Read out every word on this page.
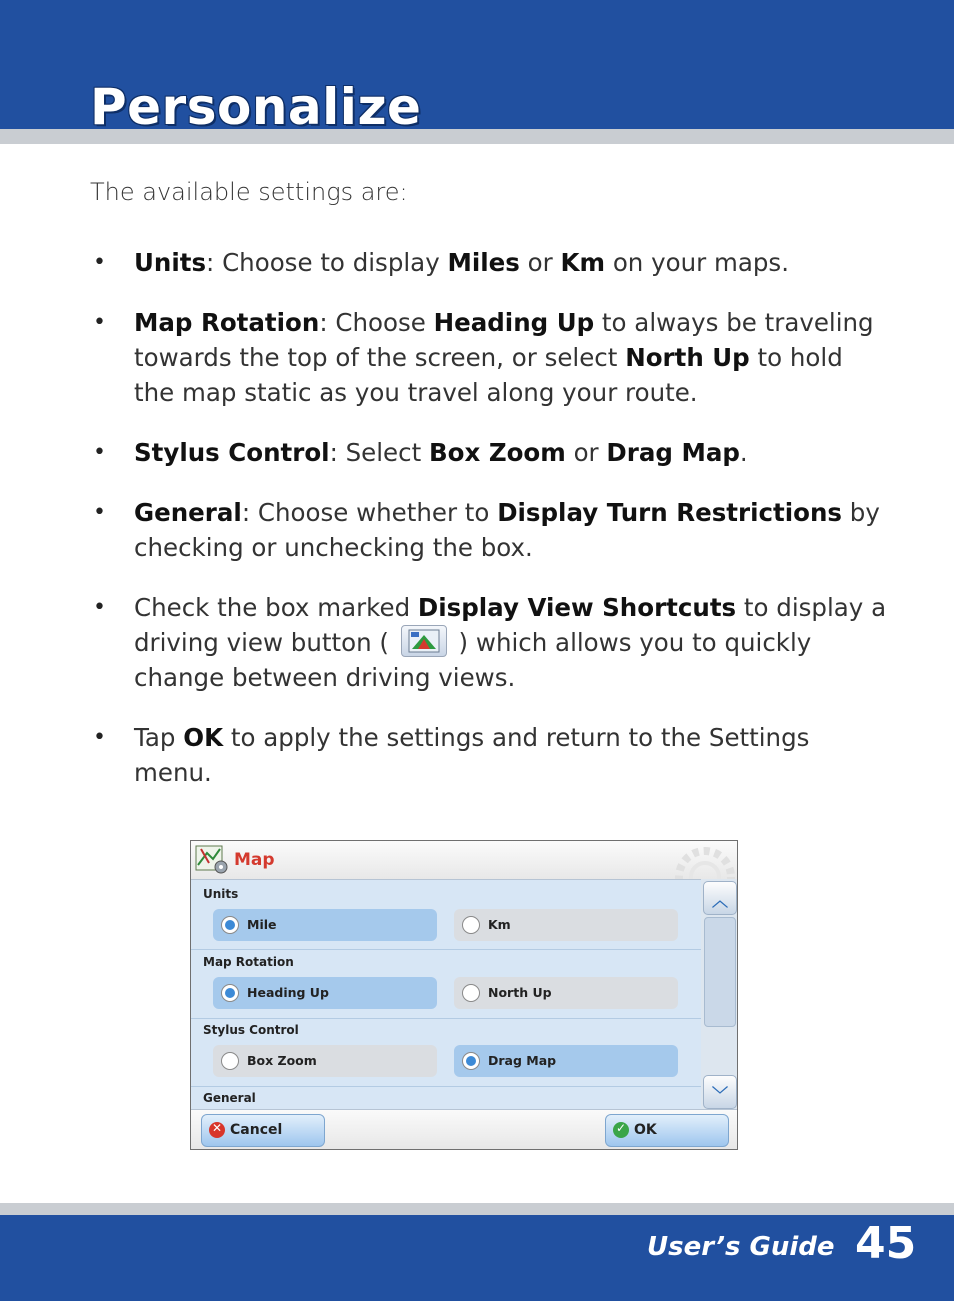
Personalize
The available settings are:
• Units: Choose to display Miles or Km on your maps.
• Map Rotation: Choose Heading Up to always be traveling towards the top of the screen, or select North Up to hold the map static as you travel along your route.
• Stylus Control: Select Box Zoom or Drag Map.
• General: Choose whether to Display Turn Restrictions by checking or unchecking the box.
• Check the box marked Display View Shortcuts to display a driving view button (
) which allows you to quickly change between driving views.
• Tap OK to apply the settings and return to the Settings menu.
Map
Units
Mile	Km
Map Rotation
Heading Up	North Up
Stylus Control
Box Zoom	Drag Map
General
︿
﹀
✕ Cancel	✓ OK
User’s Guide 45
